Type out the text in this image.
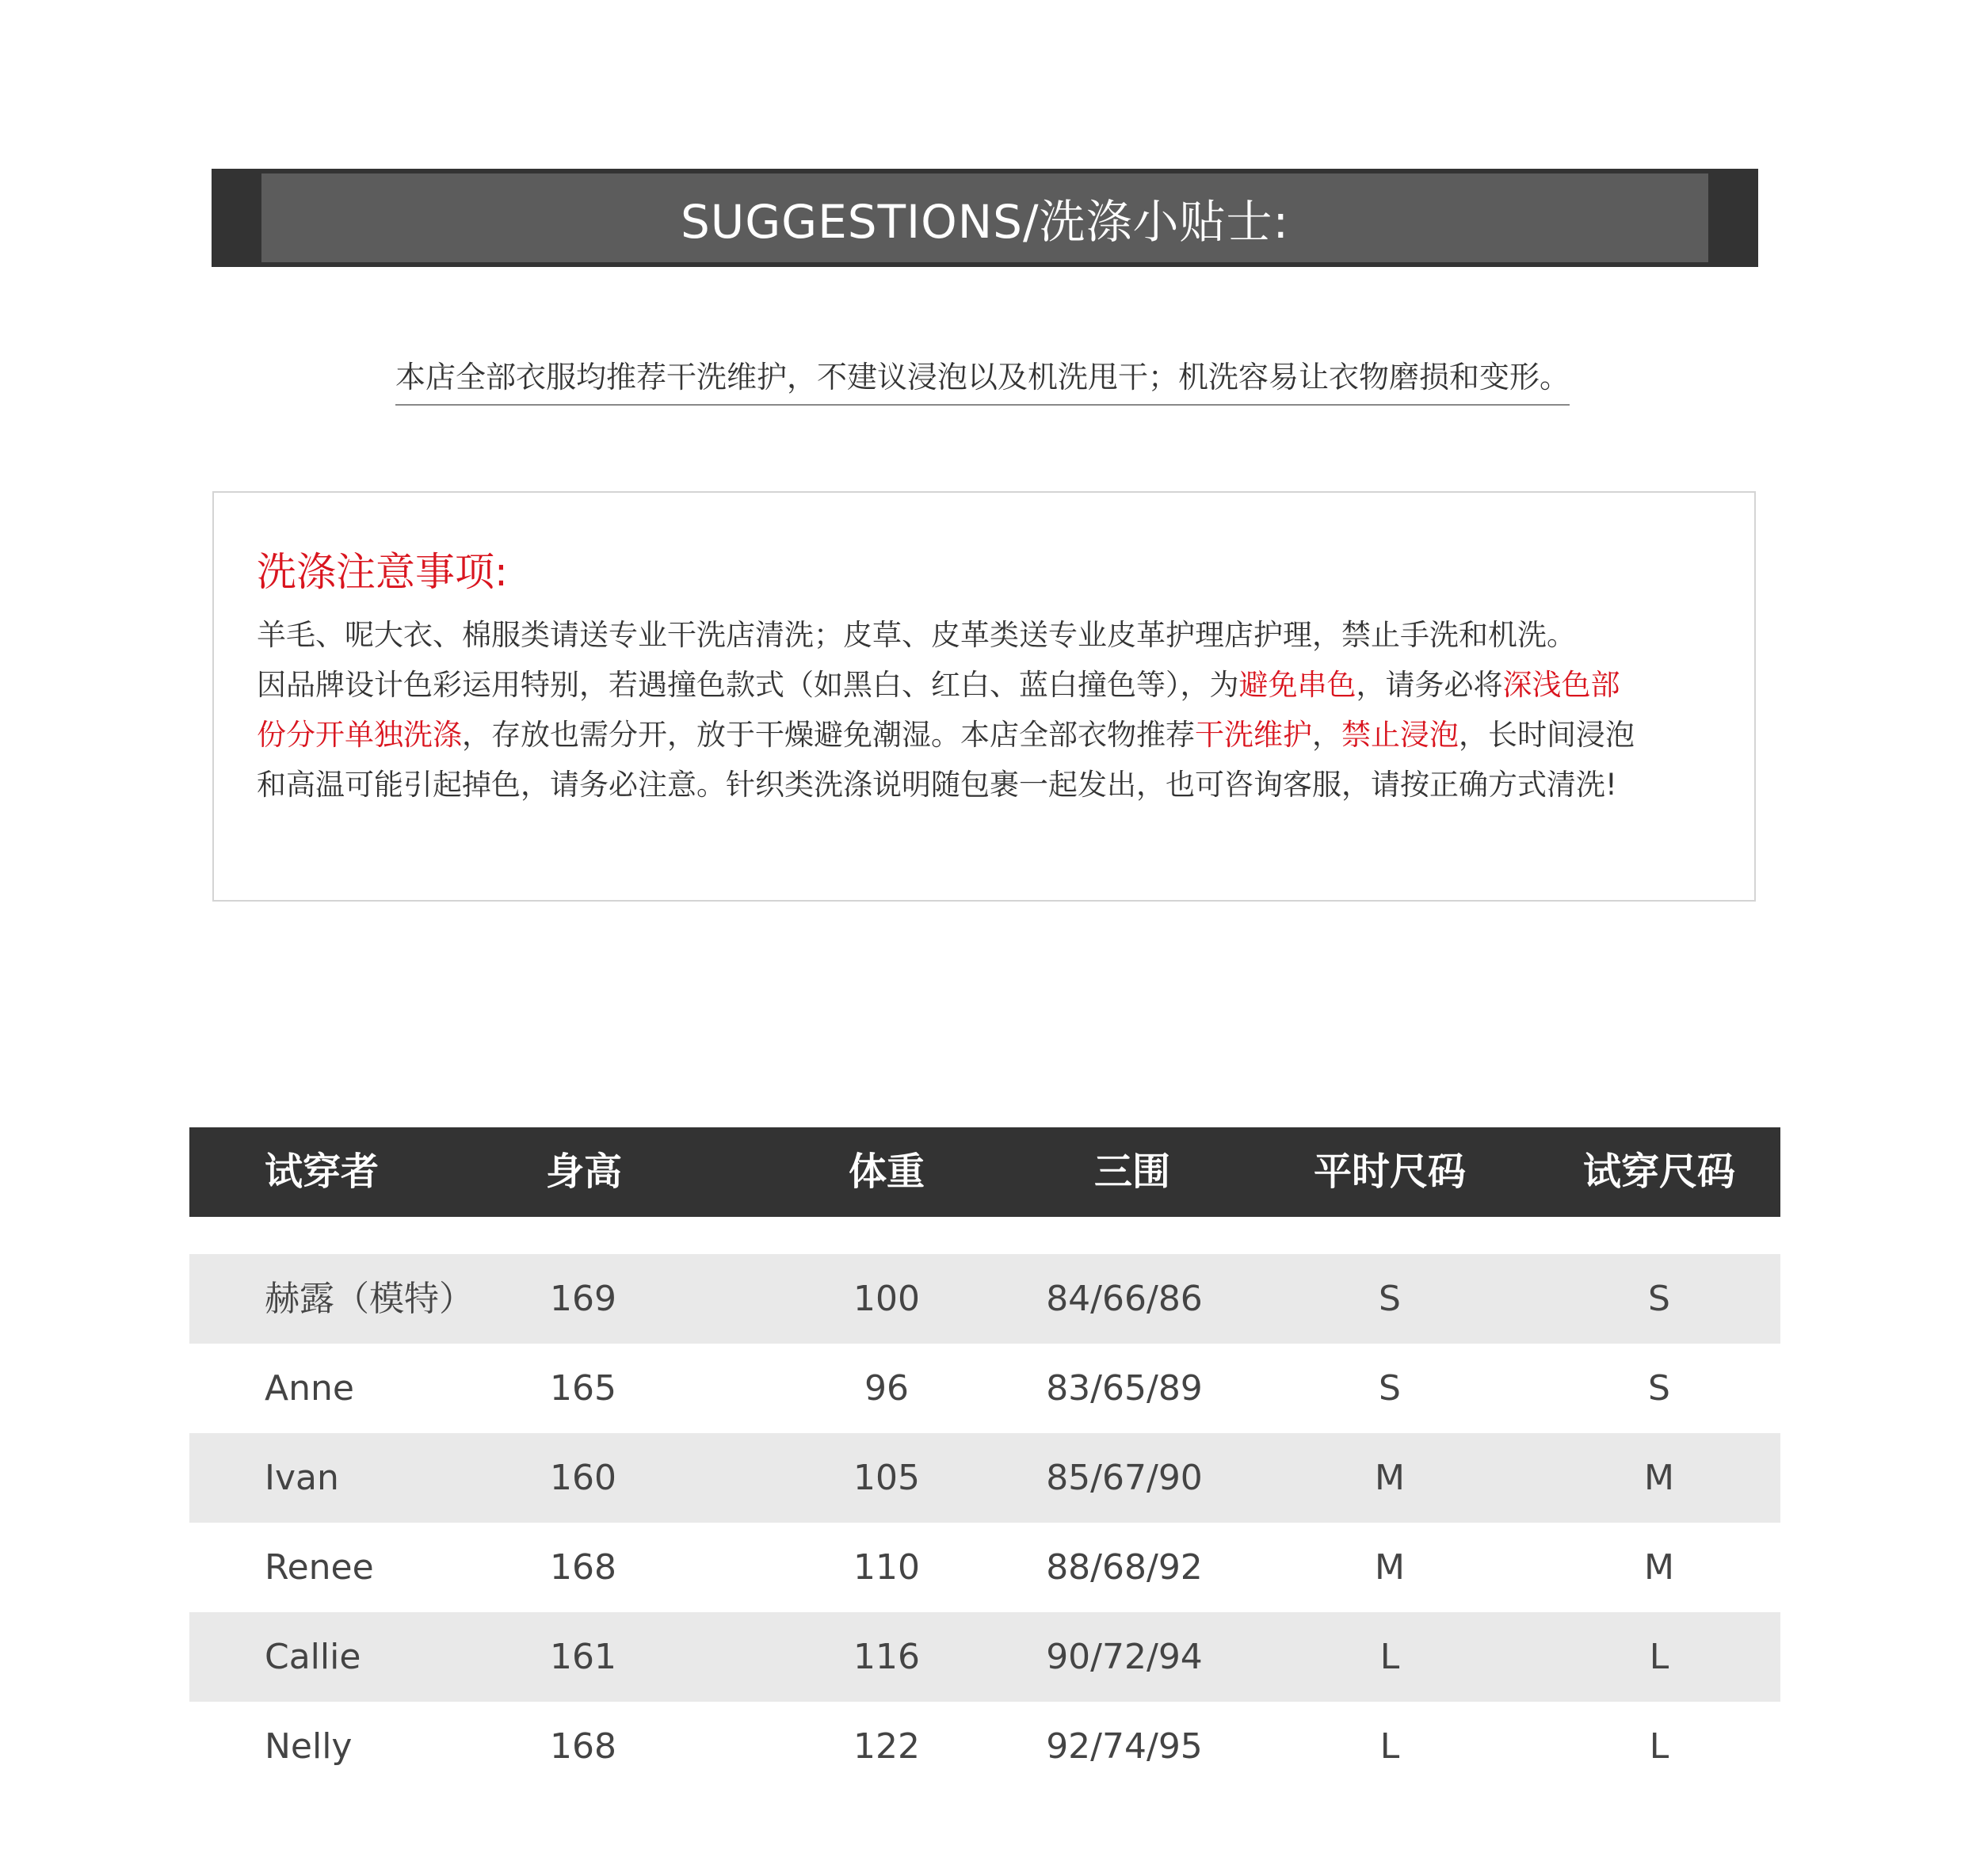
SUGGESTIONS/洗涤小贴士:
本店全部衣服均推荐干洗维护，不建议浸泡以及机洗甩干；机洗容易让衣物磨损和变形。
洗涤注意事项:
羊毛、呢大衣、棉服类请送专业干洗店清洗；皮草、皮革类送专业皮革护理店护理，禁止手洗和机洗。
因品牌设计色彩运用特别，若遇撞色款式（如黑白、红白、蓝白撞色等），为避免串色，请务必将深浅色部
份分开单独洗涤，存放也需分开，放于干燥避免潮湿。本店全部衣物推荐干洗维护，禁止浸泡，长时间浸泡
和高温可能引起掉色，请务必注意。针织类洗涤说明随包裹一起发出，也可咨询客服，请按正确方式清洗!
试穿者	身高	体重	三围	平时尺码	试穿尺码
赫露（模特） 169	100	84/66/86	S	S
Anne	165	96	83/65/89	S	S
Ivan	160	105	85/67/90	M	M
Renee	168	110	88/68/92	M	M
Callie	161	116	90/72/94	L	L
Nelly	168	122	92/74/95	L	L
